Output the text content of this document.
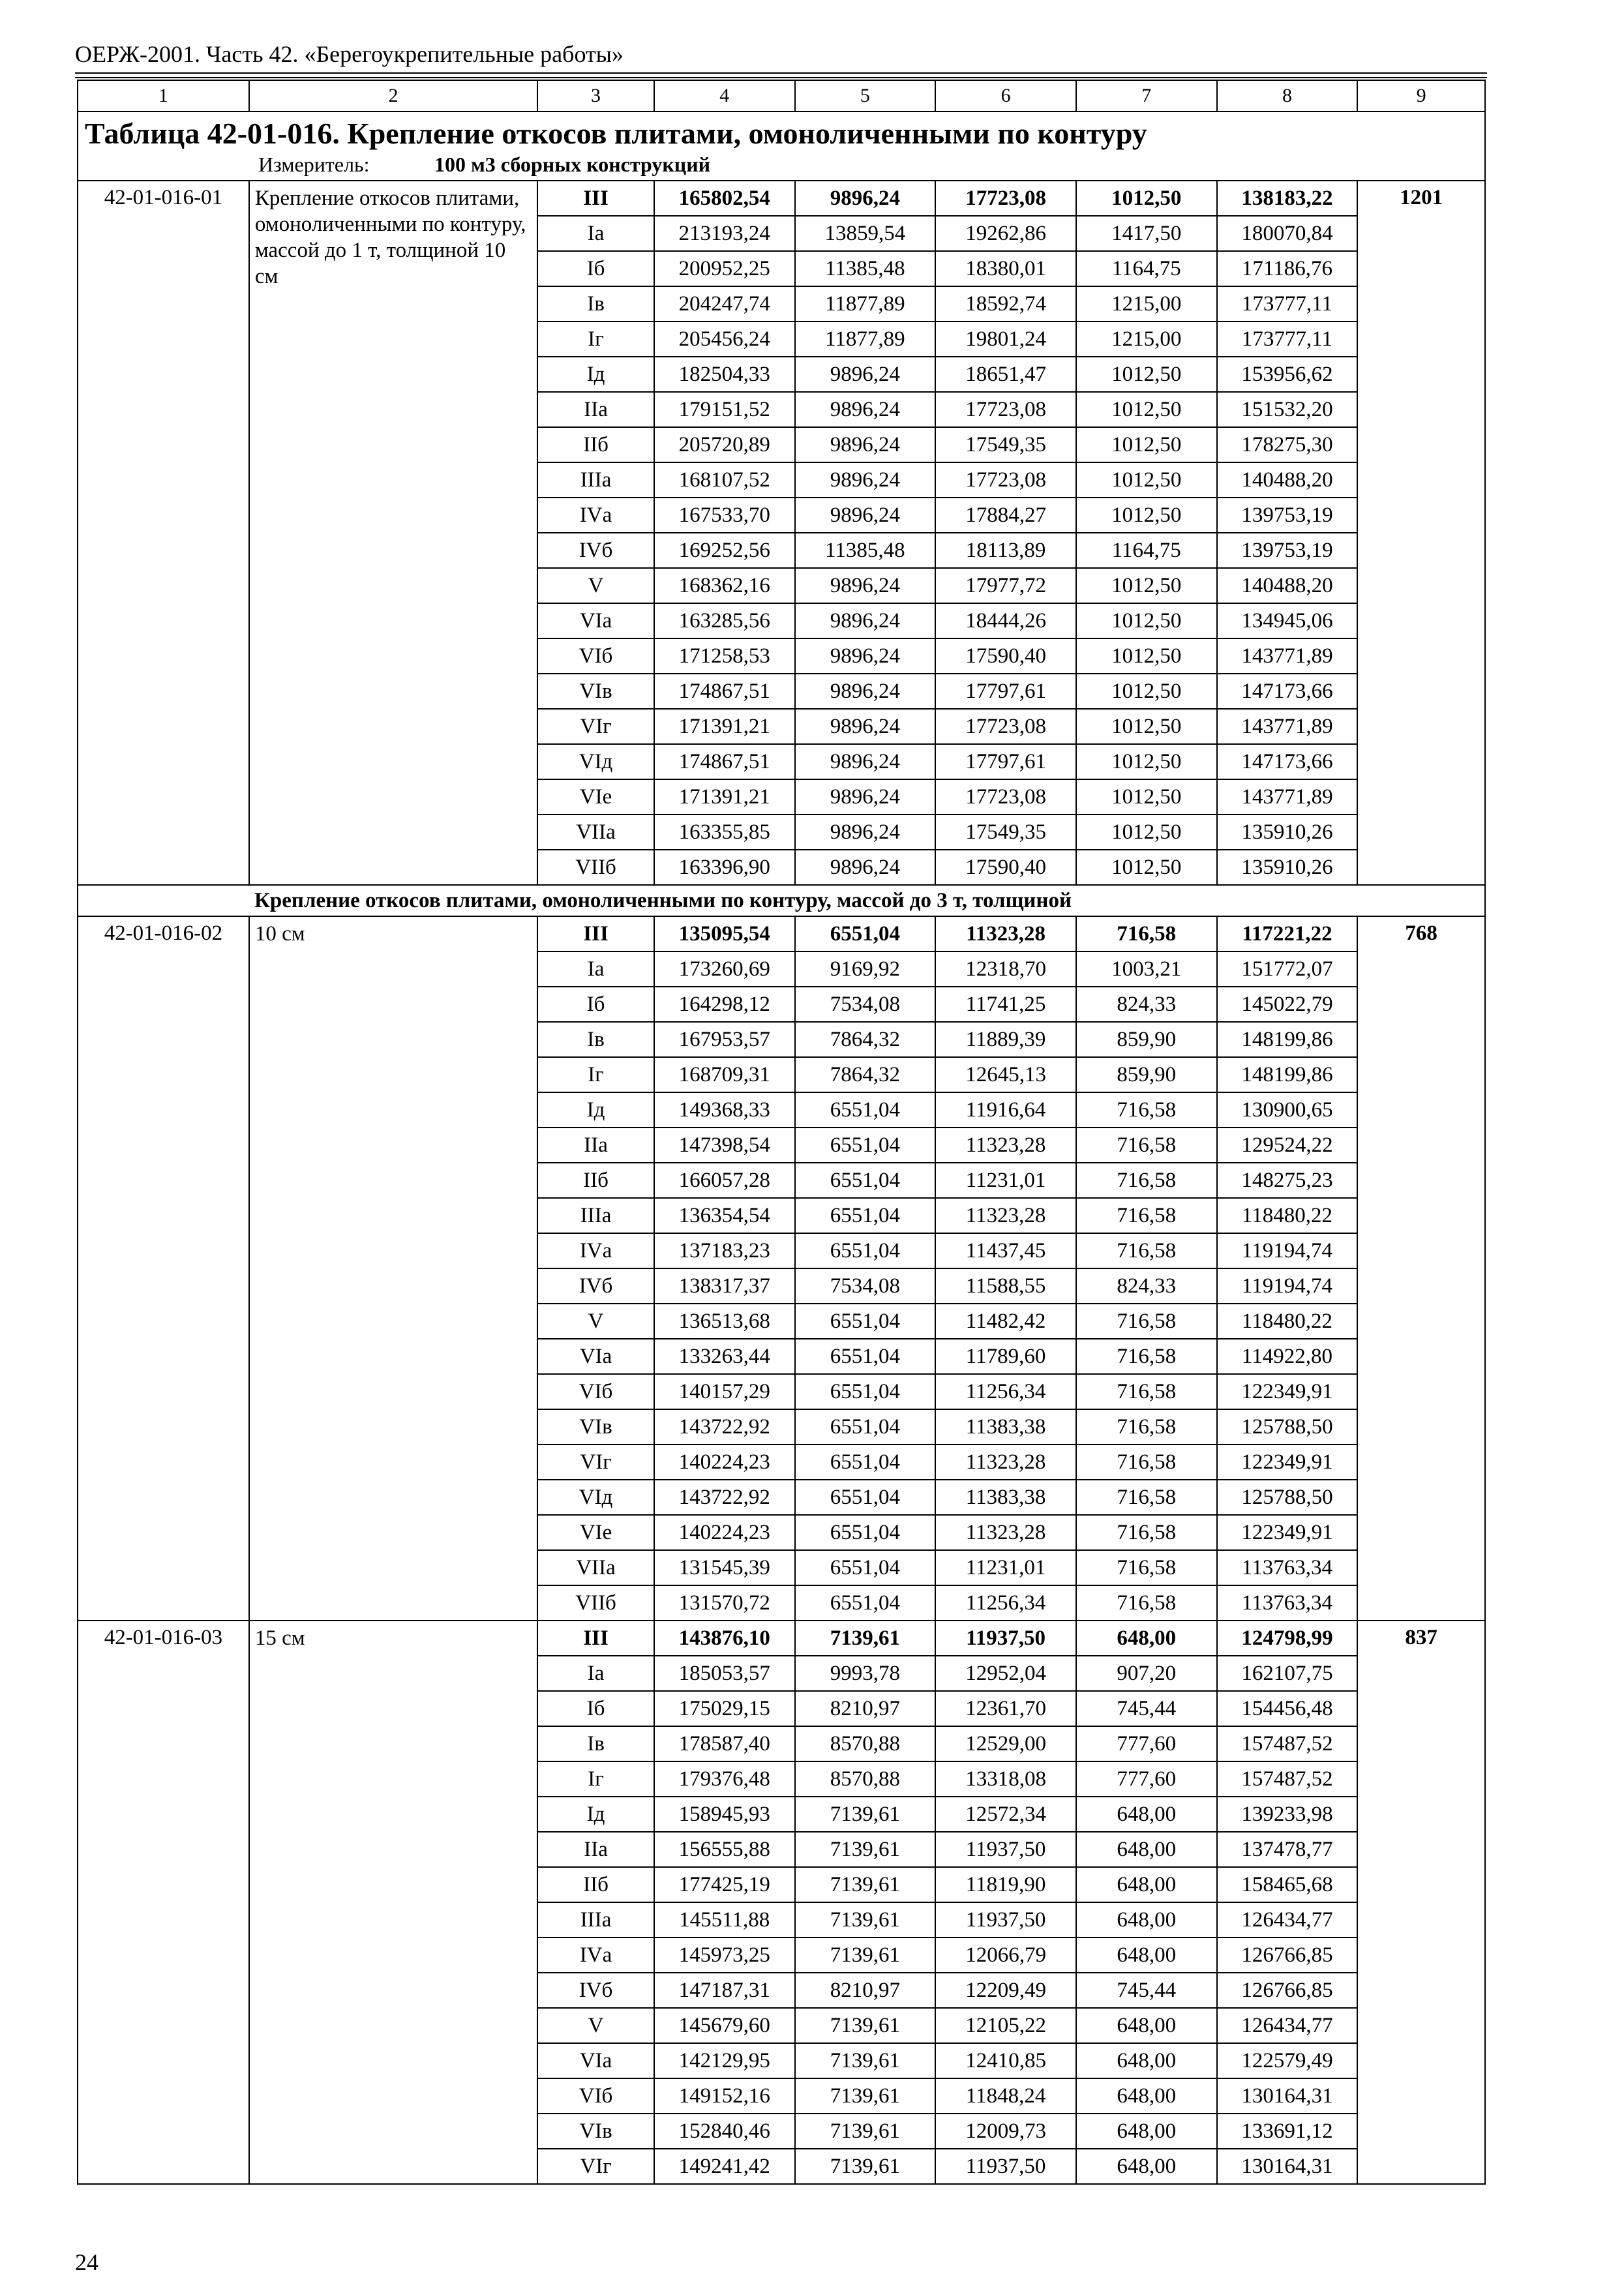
ОЕРЖ-2001. Часть 42. «Берегоукрепительные работы»
1	2	3	4	5	6	7	8	9

Таблица 42-01-016. Крепление откосов плитами, омоноличенными по контуру
Измеритель: 100 м3 сборных конструкций								

42-01-016-01	Крепление откосов плитами, омоноличенными по контуру, массой до 1 т, толщиной 10 см	III	165802,54	9896,24	17723,08	1012,50	138183,22	1201
		Iа	213193,24	13859,54	19262,86	1417,50	180070,84	
		Iб	200952,25	11385,48	18380,01	1164,75	171186,76	
		Iв	204247,74	11877,89	18592,74	1215,00	173777,11	
		Iг	205456,24	11877,89	19801,24	1215,00	173777,11	
		Iд	182504,33	9896,24	18651,47	1012,50	153956,62	
		IIа	179151,52	9896,24	17723,08	1012,50	151532,20	
		IIб	205720,89	9896,24	17549,35	1012,50	178275,30	
		IIIа	168107,52	9896,24	17723,08	1012,50	140488,20	
		IVа	167533,70	9896,24	17884,27	1012,50	139753,19	
		IVб	169252,56	11385,48	18113,89	1164,75	139753,19	
		V	168362,16	9896,24	17977,72	1012,50	140488,20	
		VIа	163285,56	9896,24	18444,26	1012,50	134945,06	
		VIб	171258,53	9896,24	17590,40	1012,50	143771,89	
		VIв	174867,51	9896,24	17797,61	1012,50	147173,66	
		VIг	171391,21	9896,24	17723,08	1012,50	143771,89	
		VIд	174867,51	9896,24	17797,61	1012,50	147173,66	
		VIе	171391,21	9896,24	17723,08	1012,50	143771,89	
		VIIа	163355,85	9896,24	17549,35	1012,50	135910,26	
		VIIб	163396,90	9896,24	17590,40	1012,50	135910,26	
Крепление откосов плитами, омоноличенными по контуру, массой до 3 т, толщиной								
42-01-016-02	10 см	III	135095,54	6551,04	11323,28	716,58	117221,22	768
		Iа	173260,69	9169,92	12318,70	1003,21	151772,07	
		Iб	164298,12	7534,08	11741,25	824,33	145022,79	
		Iв	167953,57	7864,32	11889,39	859,90	148199,86	
		Iг	168709,31	7864,32	12645,13	859,90	148199,86	
		Iд	149368,33	6551,04	11916,64	716,58	130900,65	
		IIа	147398,54	6551,04	11323,28	716,58	129524,22	
		IIб	166057,28	6551,04	11231,01	716,58	148275,23	
		IIIа	136354,54	6551,04	11323,28	716,58	118480,22	
		IVа	137183,23	6551,04	11437,45	716,58	119194,74	
		IVб	138317,37	7534,08	11588,55	824,33	119194,74	
		V	136513,68	6551,04	11482,42	716,58	118480,22	
		VIа	133263,44	6551,04	11789,60	716,58	114922,80	
		VIб	140157,29	6551,04	11256,34	716,58	122349,91	
		VIв	143722,92	6551,04	11383,38	716,58	125788,50	
		VIг	140224,23	6551,04	11323,28	716,58	122349,91	
		VIд	143722,92	6551,04	11383,38	716,58	125788,50	
		VIе	140224,23	6551,04	11323,28	716,58	122349,91	
		VIIа	131545,39	6551,04	11231,01	716,58	113763,34	
		VIIб	131570,72	6551,04	11256,34	716,58	113763,34	
42-01-016-03	15 см	III	143876,10	7139,61	11937,50	648,00	124798,99	837
		Iа	185053,57	9993,78	12952,04	907,20	162107,75	
		Iб	175029,15	8210,97	12361,70	745,44	154456,48	
		Iв	178587,40	8570,88	12529,00	777,60	157487,52	
		Iг	179376,48	8570,88	13318,08	777,60	157487,52	
		Iд	158945,93	7139,61	12572,34	648,00	139233,98	
		IIа	156555,88	7139,61	11937,50	648,00	137478,77	
		IIб	177425,19	7139,61	11819,90	648,00	158465,68	
		IIIа	145511,88	7139,61	11937,50	648,00	126434,77	
		IVа	145973,25	7139,61	12066,79	648,00	126766,85	
		IVб	147187,31	8210,97	12209,49	745,44	126766,85	
		V	145679,60	7139,61	12105,22	648,00	126434,77	
		VIа	142129,95	7139,61	12410,85	648,00	122579,49	
		VIб	149152,16	7139,61	11848,24	648,00	130164,31	
		VIв	152840,46	7139,61	12009,73	648,00	133691,12	
		VIг	149241,42	7139,61	11937,50	648,00	130164,31	
24
